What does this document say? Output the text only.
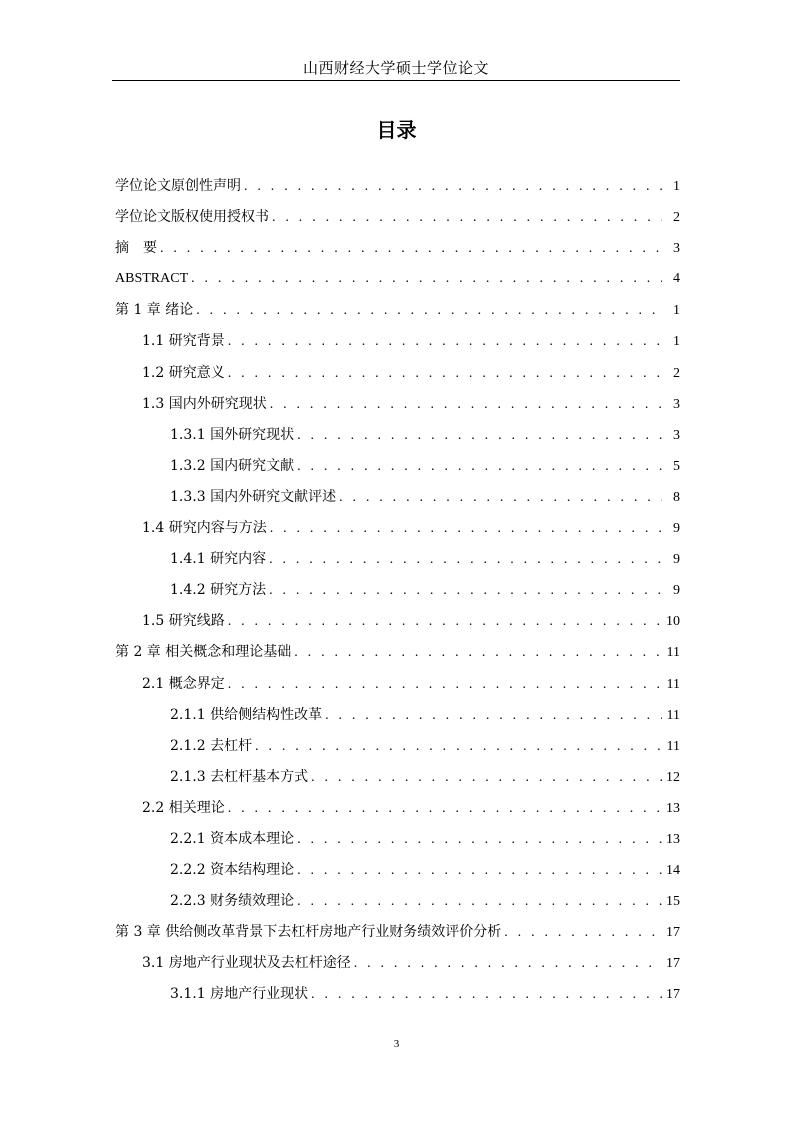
山西财经大学硕士学位论文
目录
学位论文原创性声明 . . .	1
学位论文版权使用授权书 . . .	2
摘　要 . . .	3
ABSTRACT . . .	4
第 1 章 绪论 . . .	1
1.1 研究背景 . . .	1
1.2 研究意义 . . .	2
1.3 国内外研究现状 . . .	3
1.3.1 国外研究现状 . . .	3
1.3.2 国内研究文献 . . .	5
1.3.3 国内外研究文献评述 . . .	8
1.4 研究内容与方法 . . .	9
1.4.1 研究内容 . . .	9
1.4.2 研究方法 . . .	9
1.5 研究线路 . . .	10
第 2 章 相关概念和理论基础 . . .	11
2.1 概念界定 . . .	11
2.1.1 供给侧结构性改革 . . .	11
2.1.2 去杠杆 . . .	11
2.1.3 去杠杆基本方式 . . .	12
2.2 相关理论 . . .	13
2.2.1 资本成本理论 . . .	13
2.2.2 资本结构理论 . . .	14
2.2.3 财务绩效理论 . . .	15
第 3 章 供给侧改革背景下去杠杆房地产行业财务绩效评价分析 . . .	17
3.1 房地产行业现状及去杠杆途径 . . .	17
3.1.1 房地产行业现状 . . .	17
3
